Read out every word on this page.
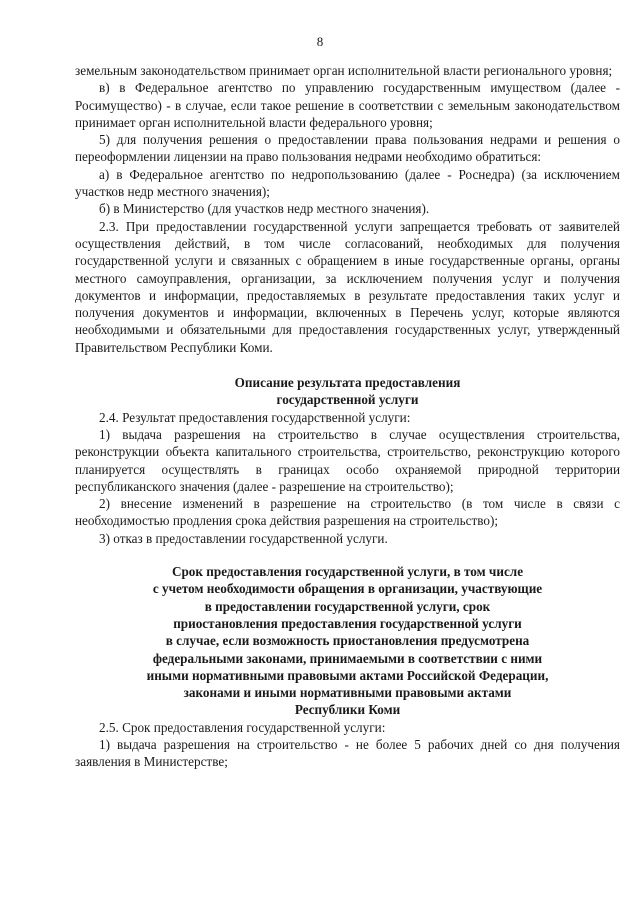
8

земельным законодательством принимает орган исполнительной власти регионального уровня;

в) в Федеральное агентство по управлению государственным имуществом (далее - Росимущество) - в случае, если такое решение в соответствии с земельным законодательством принимает орган исполнительной власти федерального уровня;

5) для получения решения о предоставлении права пользования недрами и решения о переоформлении лицензии на право пользования недрами необходимо обратиться:

а) в Федеральное агентство по недропользованию (далее - Роснедра) (за исключением участков недр местного значения);

б) в Министерство (для участков недр местного значения).

2.3. При предоставлении государственной услуги запрещается требовать от заявителей осуществления действий, в том числе согласований, необходимых для получения государственной услуги и связанных с обращением в иные государственные органы, органы местного самоуправления, организации, за исключением получения услуг и получения документов и информации, предоставляемых в результате предоставления таких услуг и получения документов и информации, включенных в Перечень услуг, которые являются необходимыми и обязательными для предоставления государственных услуг, утвержденный Правительством Республики Коми.

Описание результата предоставления
государственной услуги

2.4. Результат предоставления государственной услуги:

1) выдача разрешения на строительство в случае осуществления строительства, реконструкции объекта капитального строительства, строительство, реконструкцию которого планируется осуществлять в границах особо охраняемой природной территории республиканского значения (далее - разрешение на строительство);

2) внесение изменений в разрешение на строительство (в том числе в связи с необходимостью продления срока действия разрешения на строительство);

3) отказ в предоставлении государственной услуги.

Срок предоставления государственной услуги, в том числе
с учетом необходимости обращения в организации, участвующие
в предоставлении государственной услуги, срок
приостановления предоставления государственной услуги
в случае, если возможность приостановления предусмотрена
федеральными законами, принимаемыми в соответствии с ними
иными нормативными правовыми актами Российской Федерации,
законами и иными нормативными правовыми актами
Республики Коми

2.5. Срок предоставления государственной услуги:

1) выдача разрешения на строительство - не более 5 рабочих дней со дня получения заявления в Министерстве;
